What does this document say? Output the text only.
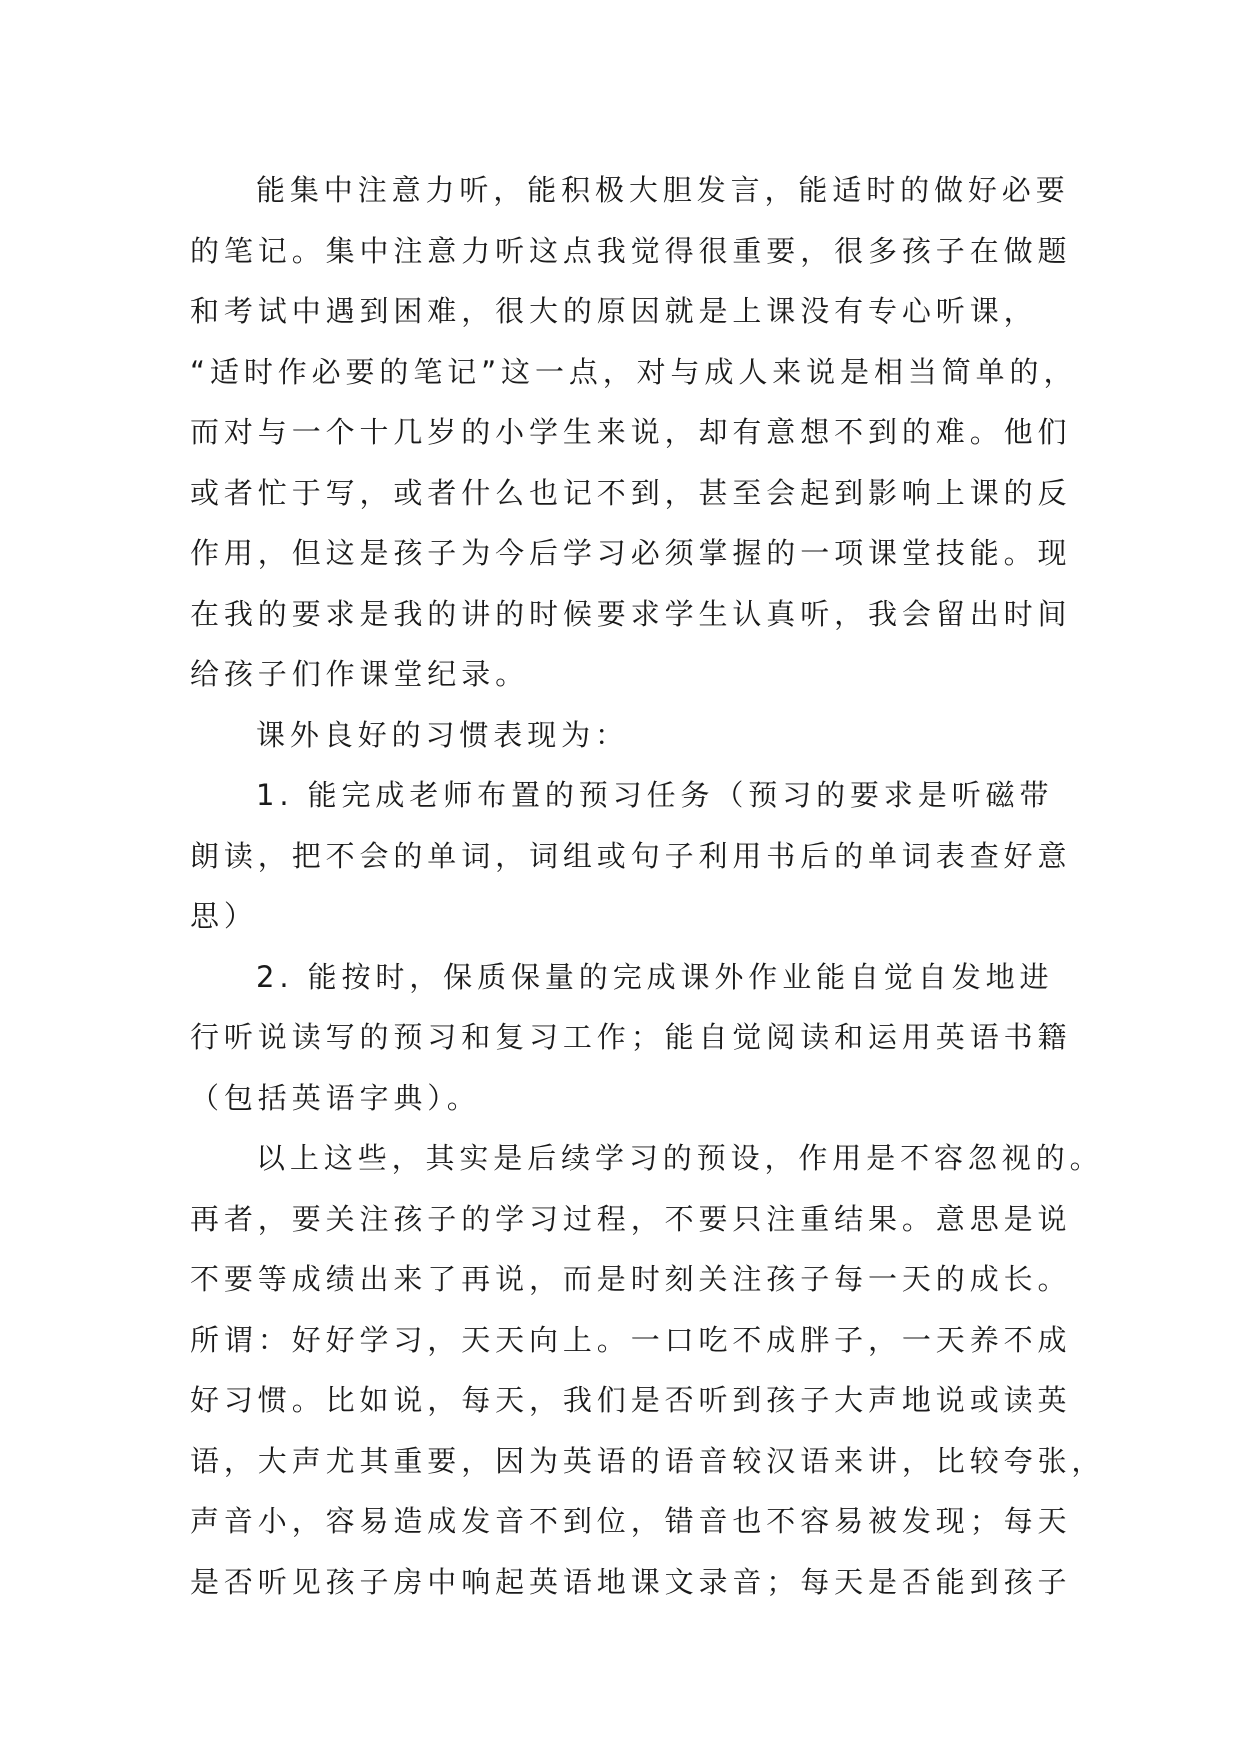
能集中注意力听，能积极大胆发言，能适时的做好必要
的笔记。集中注意力听这点我觉得很重要，很多孩子在做题
和考试中遇到困难，很大的原因就是上课没有专心听课，
“适时作必要的笔记”这一点，对与成人来说是相当简单的，
而对与一个十几岁的小学生来说，却有意想不到的难。他们
或者忙于写，或者什么也记不到，甚至会起到影响上课的反
作用，但这是孩子为今后学习必须掌握的一项课堂技能。现
在我的要求是我的讲的时候要求学生认真听，我会留出时间
给孩子们作课堂纪录。
课外良好的习惯表现为：
1. 能完成老师布置的预习任务（预习的要求是听磁带
朗读，把不会的单词，词组或句子利用书后的单词表查好意
思）
2. 能按时，保质保量的完成课外作业能自觉自发地进
行听说读写的预习和复习工作；能自觉阅读和运用英语书籍
（包括英语字典）。
以上这些，其实是后续学习的预设，作用是不容忽视的。
再者，要关注孩子的学习过程，不要只注重结果。意思是说
不要等成绩出来了再说，而是时刻关注孩子每一天的成长。
所谓：好好学习，天天向上。一口吃不成胖子，一天养不成
好习惯。比如说，每天，我们是否听到孩子大声地说或读英
语，大声尤其重要，因为英语的语音较汉语来讲，比较夸张，
声音小，容易造成发音不到位，错音也不容易被发现；每天
是否听见孩子房中响起英语地课文录音；每天是否能到孩子
